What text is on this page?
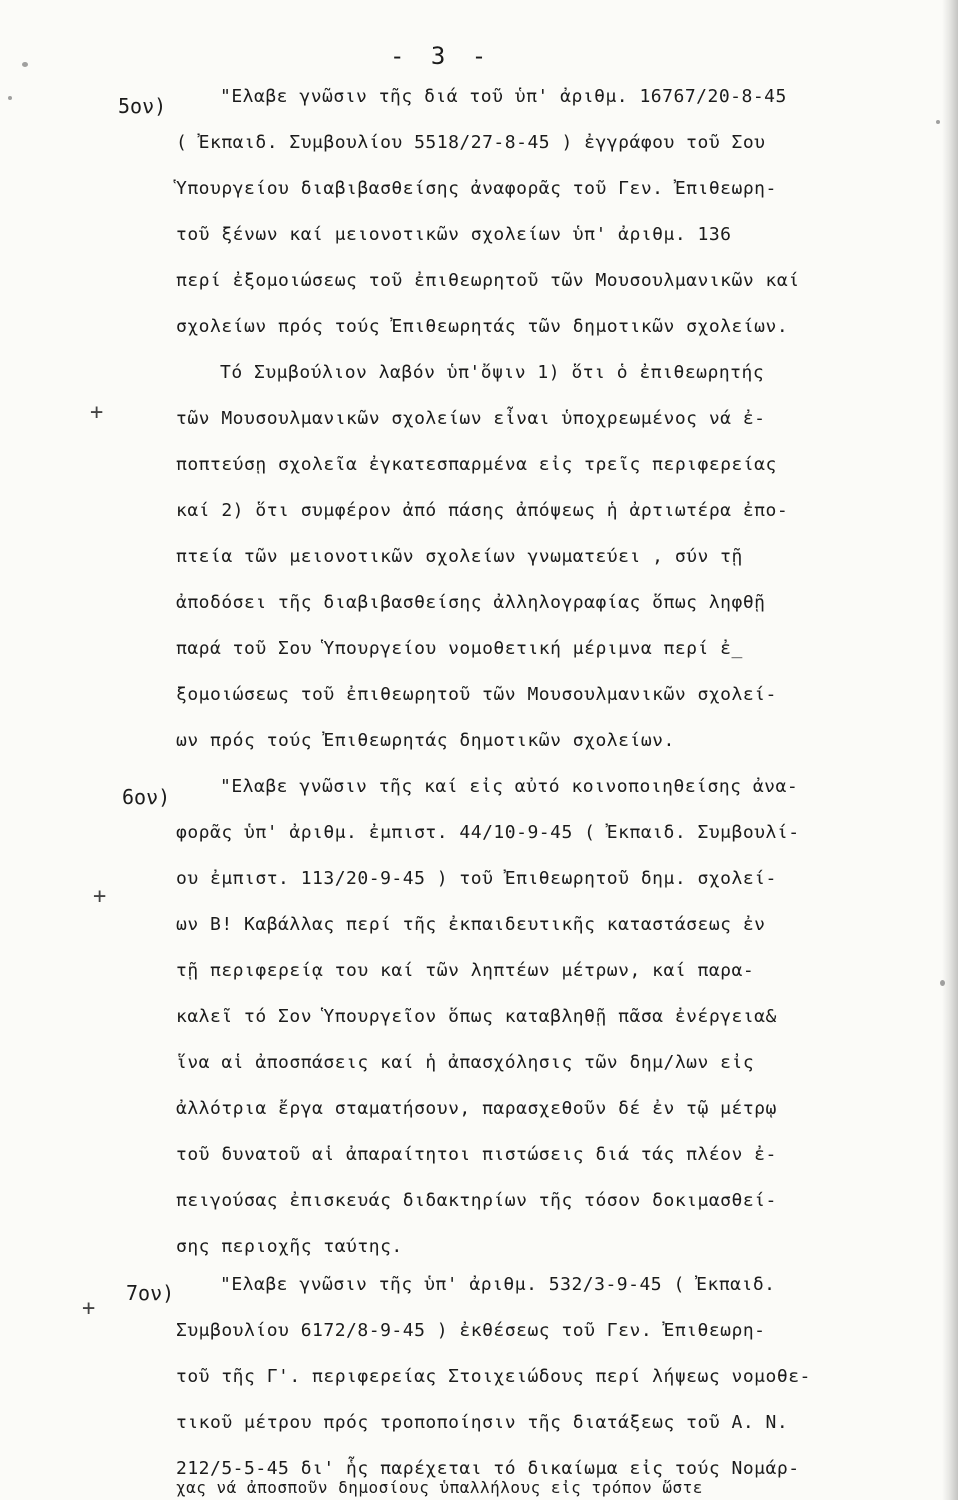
- 3 -
+
+
+
5ον)	"Ελαβε γνῶσιν τῆς διά τοῦ ὑπ' ἀριθμ. 16767/20-8-45
( Ἐκπαιδ. Συμβουλίου 5518/27-8-45 ) ἐγγράφου τοῦ Σου
Ὑπουργείου διαβιβασθείσης ἀναφορᾶς τοῦ Γεν. Ἐπιθεωρη-
τοῦ ξένων καί μειονοτικῶν σχολείων ὑπ' ἀριθμ. 136
περί ἐξομοιώσεως τοῦ ἐπιθεωρητοῦ τῶν Μουσουλμανικῶν καί
σχολείων πρός τούς Ἐπιθεωρητάς τῶν δημοτικῶν σχολείων.
Τό Συμβούλιον λαβόν ὑπ'ὄψιν 1) ὅτι ὁ ἐπιθεωρητής
τῶν Μουσουλμανικῶν σχολείων εἶναι ὑποχρεωμένος νά ἐ-
ποπτεύσῃ σχολεῖα ἐγκατεσπαρμένα εἰς τρεῖς περιφερείας
καί 2) ὅτι συμφέρον ἀπό πάσης ἀπόψεως ἡ ἀρτιωτέρα ἐπο-
πτεία τῶν μειονοτικῶν σχολείων γνωματεύει , σύν τῇ
ἀποδόσει τῆς διαβιβασθείσης ἀλληλογραφίας ὅπως ληφθῇ
παρά τοῦ Σου Ὑπουργείου νομοθετική μέριμνα περί ἐ_
ξομοιώσεως τοῦ ἐπιθεωρητοῦ τῶν Μουσουλμανικῶν σχολεί-
ων πρός τούς Ἐπιθεωρητάς δημοτικῶν σχολείων.
6ον)	"Ελαβε γνῶσιν τῆς καί εἰς αὐτό κοινοποιηθείσης ἀνα-
φορᾶς ὑπ' ἀριθμ. ἐμπιστ. 44/10-9-45 ( Ἐκπαιδ. Συμβουλί-
ου ἐμπιστ. 113/20-9-45 ) τοῦ Ἐπιθεωρητοῦ δημ. σχολεί-
ων Β! Καβάλλας περί τῆς ἐκπαιδευτικῆς καταστάσεως ἐν
τῇ περιφερείᾳ του καί τῶν ληπτέων μέτρων, καί παρα-
καλεῖ τό Σον Ὑπουργεῖον ὅπως καταβληθῇ πᾶσα ἐνέργεια&
ἵνα αἱ ἀποσπάσεις καί ἡ ἀπασχόλησις τῶν δημ/λων εἰς
ἀλλότρια ἔργα σταματήσουν, παρασχεθοῦν δέ ἐν τῷ μέτρῳ
τοῦ δυνατοῦ αἱ ἀπαραίτητοι πιστώσεις διά τάς πλέον ἐ-
πειγούσας ἐπισκευάς διδακτηρίων τῆς τόσον δοκιμασθεί-
σης περιοχῆς ταύτης.
7ον)	"Ελαβε γνῶσιν τῆς ὑπ' ἀριθμ. 532/3-9-45 ( Ἐκπαιδ.
Συμβουλίου 6172/8-9-45 ) ἐκθέσεως τοῦ Γεν. Ἐπιθεωρη-
τοῦ τῆς Γ'. περιφερείας Στοιχειώδους περί λήψεως νομοθε-
τικοῦ μέτρου πρός τροποποίησιν τῆς διατάξεως τοῦ Α. Ν.
212/5-5-45 δι' ἧς παρέχεται τό δικαίωμα εἰς τούς Νομάρ-
χας νά ἀποσποῦν δημοσίους ὑπαλλήλους εἰς τρόπον ὥστε
